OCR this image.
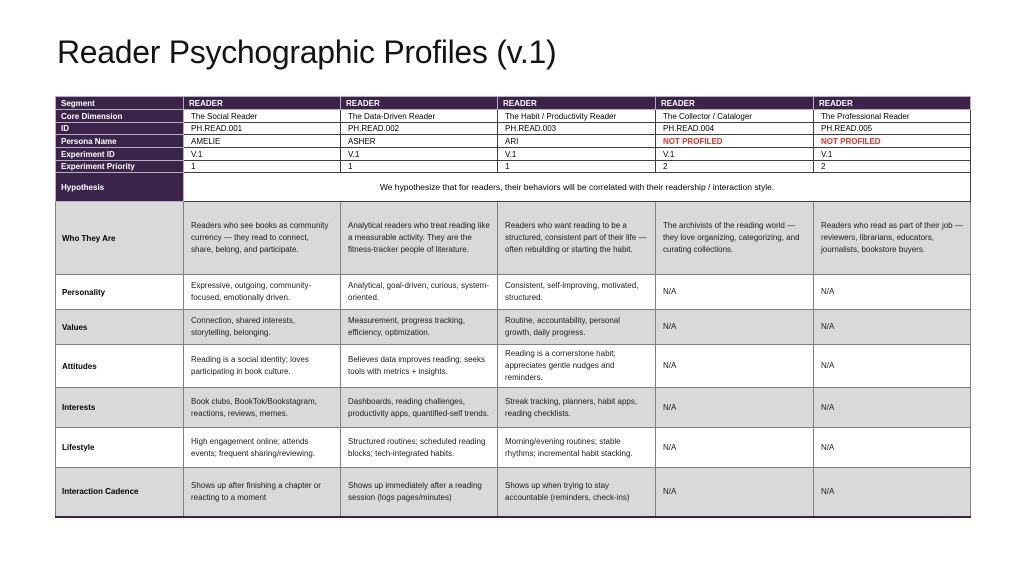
Reader Psychographic Profiles (v.1)
Segment	READER	READER	READER	READER	READER
Core Dimension	The Social Reader	The Data-Driven Reader	The Habit / Productivity Reader	The Collector / Cataloger	The Professional Reader
ID	PH.READ.001	PH.READ.002	PH.READ.003	PH.READ.004	PH.READ.005
Persona Name	AMELIE	ASHER	ARI	NOT PROFILED	NOT PROFILED
Experiment ID	V.1	V.1	V.1	V.1	V.1
Experiment Priority	1	1	1	2	2
Hypothesis	We hypothesize that for readers, their behaviors will be correlated with their readership / interaction style.				
Who They Are	Readers who see books as community currency — they read to connect, share, belong, and participate.	Analytical readers who treat reading like a measurable activity. They are the fitness-tracker people of literature.	Readers who want reading to be a structured, consistent part of their life — often rebuilding or starting the habit.	The archivists of the reading world — they love organizing, categorizing, and curating collections.	Readers who read as part of their job — reviewers, librarians, educators, journalists, bookstore buyers.
Personality	Expressive, outgoing, community-focused, emotionally driven.	Analytical, goal-driven, curious, system-oriented.	Consistent, self-improving, motivated, structured.	N/A	N/A
Values	Connection, shared interests, storytelling, belonging.	Measurement, progress tracking, efficiency, optimization.	Routine, accountability, personal growth, daily progress.	N/A	N/A
Attitudes	Reading is a social identity; loves participating in book culture.	Believes data improves reading; seeks tools with metrics + insights.	Reading is a cornerstone habit; appreciates gentle nudges and reminders.	N/A	N/A
Interests	Book clubs, BookTok/Bookstagram, reactions, reviews, memes.	Dashboards, reading challenges, productivity apps, quantified-self trends.	Streak tracking, planners, habit apps, reading checklists.	N/A	N/A
Lifestyle	High engagement online; attends events; frequent sharing/reviewing.	Structured routines; scheduled reading blocks; tech-integrated habits.	Morning/evening routines; stable rhythms; incremental habit stacking.	N/A	N/A
Interaction Cadence	Shows up after finishing a chapter or reacting to a moment	Shows up immediately after a reading session (logs pages/minutes)	Shows up when trying to stay accountable (reminders, check-ins)	N/A	N/A
